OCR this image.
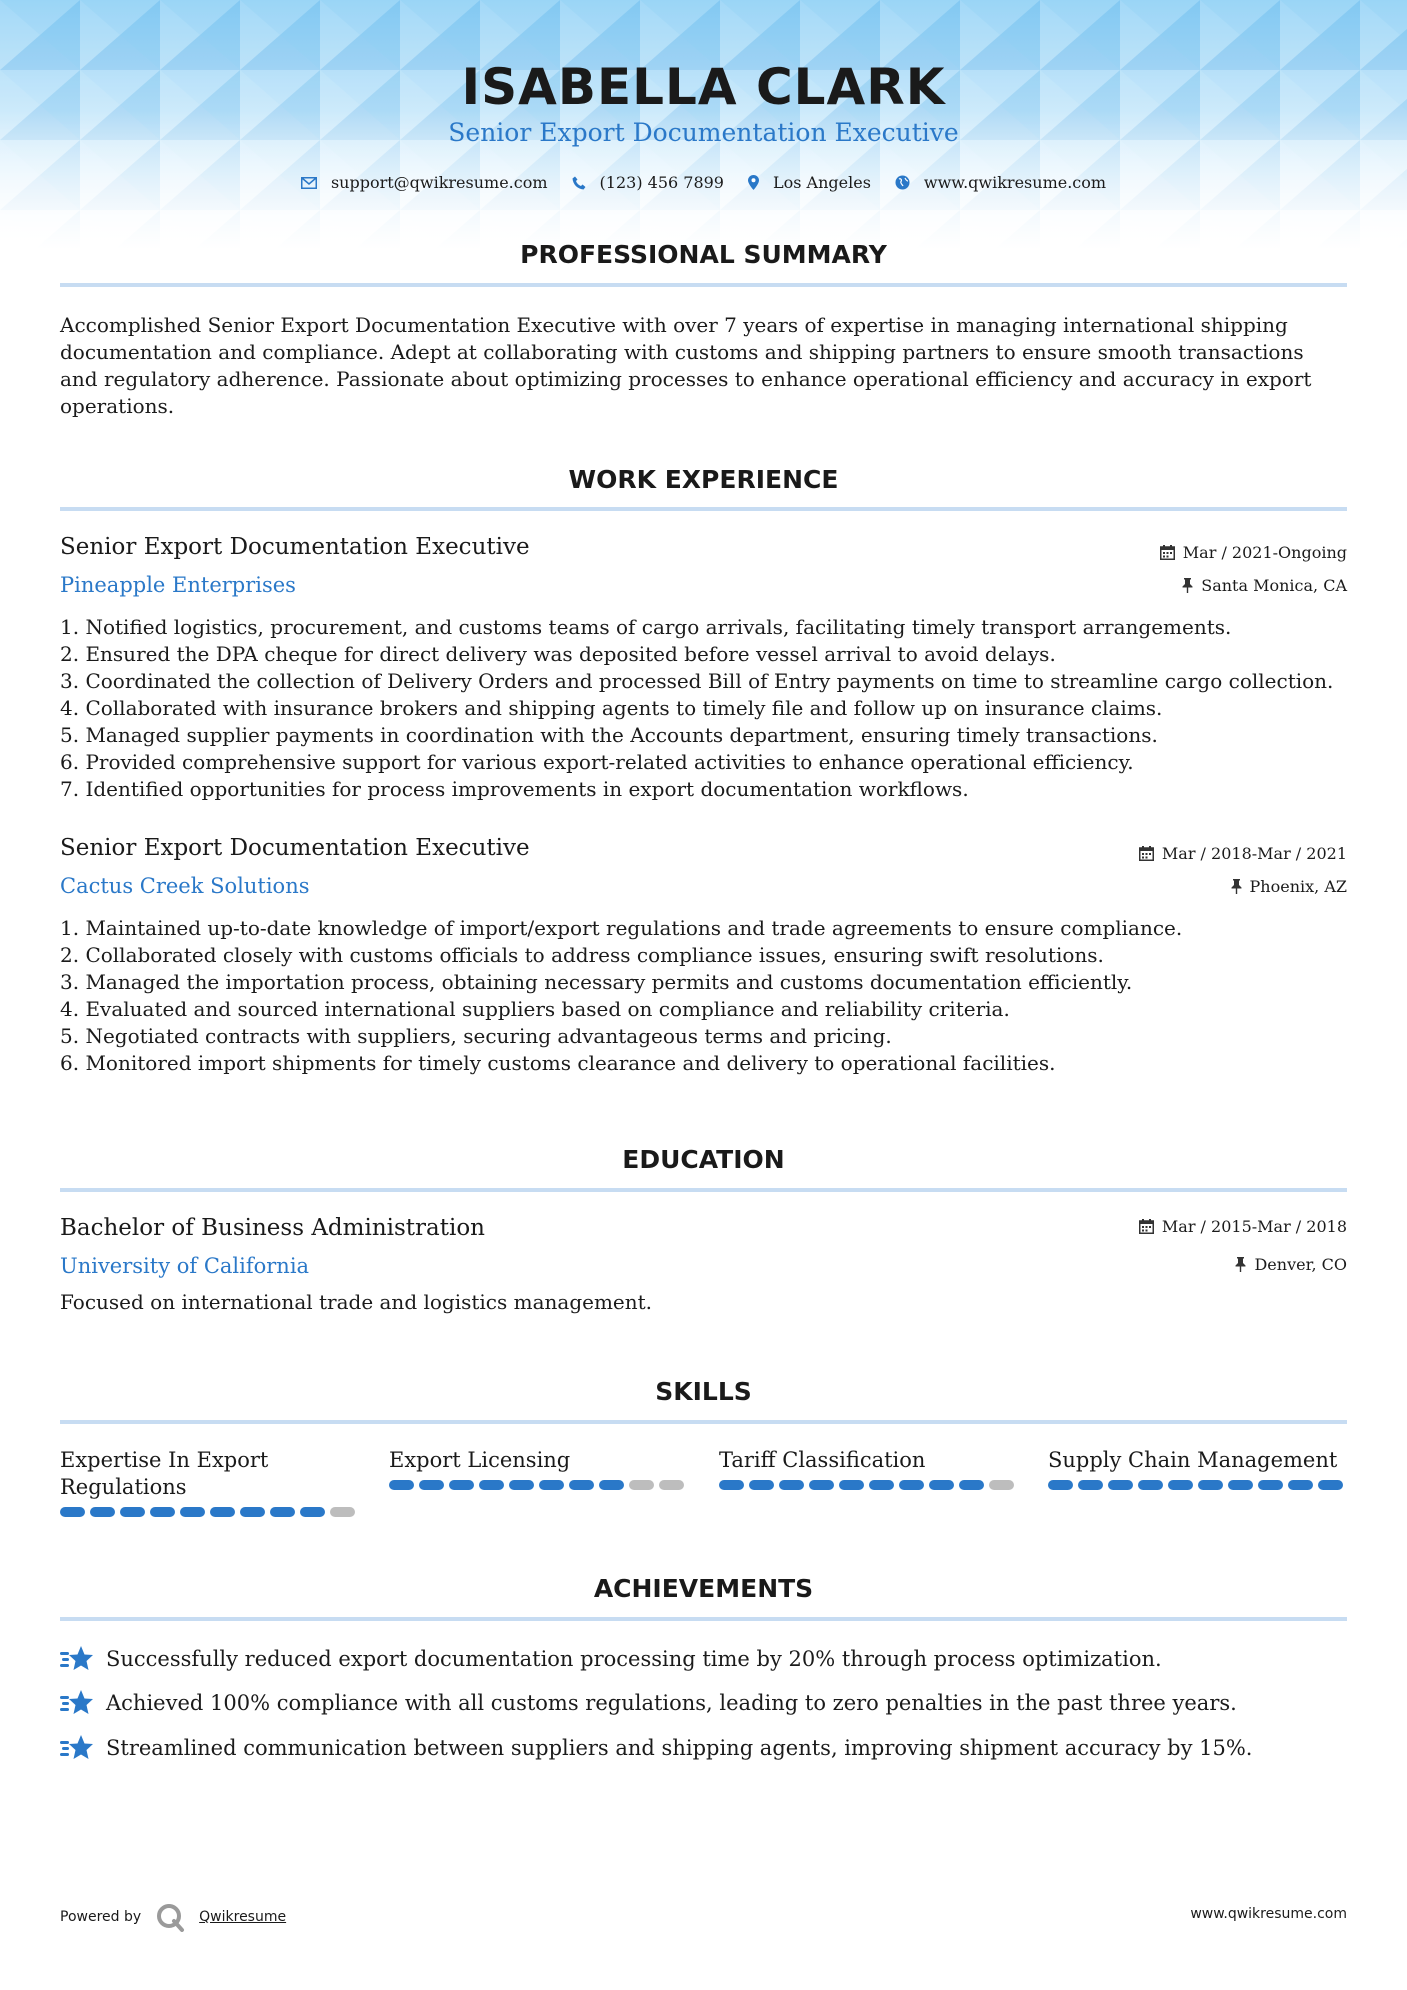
ISABELLA CLARK
Senior Export Documentation Executive
support@qwikresume.com	(123) 456 7899	Los Angeles	www.qwikresume.com
PROFESSIONAL SUMMARY
Accomplished Senior Export Documentation Executive with over 7 years of expertise in managing international shipping documentation and compliance. Adept at collaborating with customs and shipping partners to ensure smooth transactions and regulatory adherence. Passionate about optimizing processes to enhance operational efficiency and accuracy in export operations.
WORK EXPERIENCE
Senior Export Documentation Executive	Mar / 2021-Ongoing
Pineapple Enterprises	Santa Monica, CA
1. Notified logistics, procurement, and customs teams of cargo arrivals, facilitating timely transport arrangements.
2. Ensured the DPA cheque for direct delivery was deposited before vessel arrival to avoid delays.
3. Coordinated the collection of Delivery Orders and processed Bill of Entry payments on time to streamline cargo collection.
4. Collaborated with insurance brokers and shipping agents to timely file and follow up on insurance claims.
5. Managed supplier payments in coordination with the Accounts department, ensuring timely transactions.
6. Provided comprehensive support for various export-related activities to enhance operational efficiency.
7. Identified opportunities for process improvements in export documentation workflows.
Senior Export Documentation Executive	Mar / 2018-Mar / 2021
Cactus Creek Solutions	Phoenix, AZ
1. Maintained up-to-date knowledge of import/export regulations and trade agreements to ensure compliance.
2. Collaborated closely with customs officials to address compliance issues, ensuring swift resolutions.
3. Managed the importation process, obtaining necessary permits and customs documentation efficiently.
4. Evaluated and sourced international suppliers based on compliance and reliability criteria.
5. Negotiated contracts with suppliers, securing advantageous terms and pricing.
6. Monitored import shipments for timely customs clearance and delivery to operational facilities.
EDUCATION
Bachelor of Business Administration	Mar / 2015-Mar / 2018
University of California	Denver, CO
Focused on international trade and logistics management.
SKILLS
Expertise In Export Regulations
Export Licensing	Tariff Classification	Supply Chain Management
ACHIEVEMENTS
Successfully reduced export documentation processing time by 20% through process optimization.
Achieved 100% compliance with all customs regulations, leading to zero penalties in the past three years.
Streamlined communication between suppliers and shipping agents, improving shipment accuracy by 15%.
Powered by	Qwikresume	www.qwikresume.com
